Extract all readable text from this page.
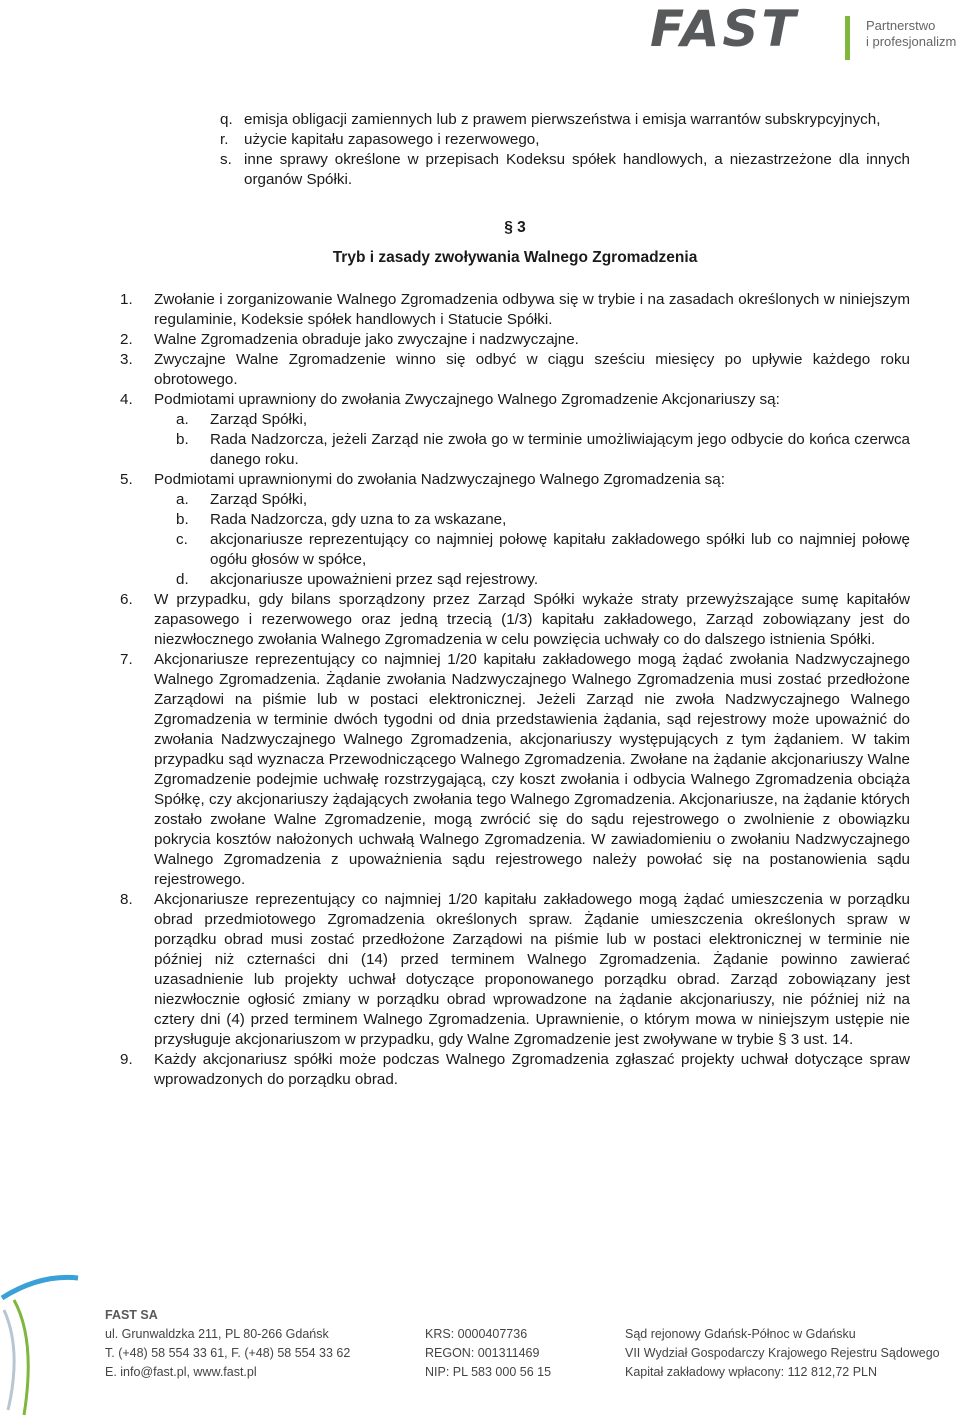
FAST	Partnerstwo
i profesjonalizm
q. emisja obligacji zamiennych lub z prawem pierwszeństwa i emisja warrantów subskrypcyjnych,
r. użycie kapitału zapasowego i rezerwowego,
s. inne sprawy określone w przepisach Kodeksu spółek handlowych, a niezastrzeżone dla innych organów Spółki.
§ 3
Tryb i zasady zwoływania Walnego Zgromadzenia
1. Zwołanie i zorganizowanie Walnego Zgromadzenia odbywa się w trybie i na zasadach określonych w niniejszym regulaminie, Kodeksie spółek handlowych i Statucie Spółki.
2. Walne Zgromadzenia obraduje jako zwyczajne i nadzwyczajne.
3. Zwyczajne Walne Zgromadzenie winno się odbyć w ciągu sześciu miesięcy po upływie każdego roku obrotowego.
4. Podmiotami uprawniony do zwołania Zwyczajnego Walnego Zgromadzenie Akcjonariuszy są:
a. Zarząd Spółki,
b. Rada Nadzorcza, jeżeli Zarząd nie zwoła go w terminie umożliwiającym jego odbycie do końca czerwca danego roku.
5. Podmiotami uprawnionymi do zwołania Nadzwyczajnego Walnego Zgromadzenia są:
a. Zarząd Spółki,
b. Rada Nadzorcza, gdy uzna to za wskazane,
c. akcjonariusze reprezentujący co najmniej połowę kapitału zakładowego spółki lub co najmniej połowę ogółu głosów w spółce,
d. akcjonariusze upoważnieni przez sąd rejestrowy.
6. W przypadku, gdy bilans sporządzony przez Zarząd Spółki wykaże straty przewyższające sumę kapitałów zapasowego i rezerwowego oraz jedną trzecią (1/3) kapitału zakładowego, Zarząd zobowiązany jest do niezwłocznego zwołania Walnego Zgromadzenia w celu powzięcia uchwały co do dalszego istnienia Spółki.
7. Akcjonariusze reprezentujący co najmniej 1/20 kapitału zakładowego mogą żądać zwołania Nadzwyczajnego Walnego Zgromadzenia. Żądanie zwołania Nadzwyczajnego Walnego Zgromadzenia musi zostać przedłożone Zarządowi na piśmie lub w postaci elektronicznej. Jeżeli Zarząd nie zwoła Nadzwyczajnego Walnego Zgromadzenia w terminie dwóch tygodni od dnia przedstawienia żądania, sąd rejestrowy może upoważnić do zwołania Nadzwyczajnego Walnego Zgromadzenia, akcjonariuszy występujących z tym żądaniem. W takim przypadku sąd wyznacza Przewodniczącego Walnego Zgromadzenia. Zwołane na żądanie akcjonariuszy Walne Zgromadzenie podejmie uchwałę rozstrzygającą, czy koszt zwołania i odbycia Walnego Zgromadzenia obciąża Spółkę, czy akcjonariuszy żądających zwołania tego Walnego Zgromadzenia. Akcjonariusze, na żądanie których zostało zwołane Walne Zgromadzenie, mogą zwrócić się do sądu rejestrowego o zwolnienie z obowiązku pokrycia kosztów nałożonych uchwałą Walnego Zgromadzenia. W zawiadomieniu o zwołaniu Nadzwyczajnego Walnego Zgromadzenia z upoważnienia sądu rejestrowego należy powołać się na postanowienia sądu rejestrowego.
8. Akcjonariusze reprezentujący co najmniej 1/20 kapitału zakładowego mogą żądać umieszczenia w porządku obrad przedmiotowego Zgromadzenia określonych spraw. Żądanie umieszczenia określonych spraw w porządku obrad musi zostać przedłożone Zarządowi na piśmie lub w postaci elektronicznej w terminie nie później niż czternaści dni (14) przed terminem Walnego Zgromadzenia. Żądanie powinno zawierać uzasadnienie lub projekty uchwał dotyczące proponowanego porządku obrad. Zarząd zobowiązany jest niezwłocznie ogłosić zmiany w porządku obrad wprowadzone na żądanie akcjonariuszy, nie później niż na cztery dni (4) przed terminem Walnego Zgromadzenia. Uprawnienie, o którym mowa w niniejszym ustępie nie przysługuje akcjonariuszom w przypadku, gdy Walne Zgromadzenie jest zwoływane w trybie § 3 ust. 14.
9. Każdy akcjonariusz spółki może podczas Walnego Zgromadzenia zgłaszać projekty uchwał dotyczące spraw wprowadzonych do porządku obrad.
FAST SA
ul. Grunwaldzka 211, PL 80-266 Gdańsk
T. (+48) 58 554 33 61, F. (+48) 58 554 33 62
E. info@fast.pl, www.fast.pl

KRS: 0000407736
REGON: 001311469
NIP: PL 583 000 56 15

Sąd rejonowy Gdańsk-Północ w Gdańsku
VII Wydział Gospodarczy Krajowego Rejestru Sądowego
Kapitał zakładowy wpłacony: 112 812,72 PLN
